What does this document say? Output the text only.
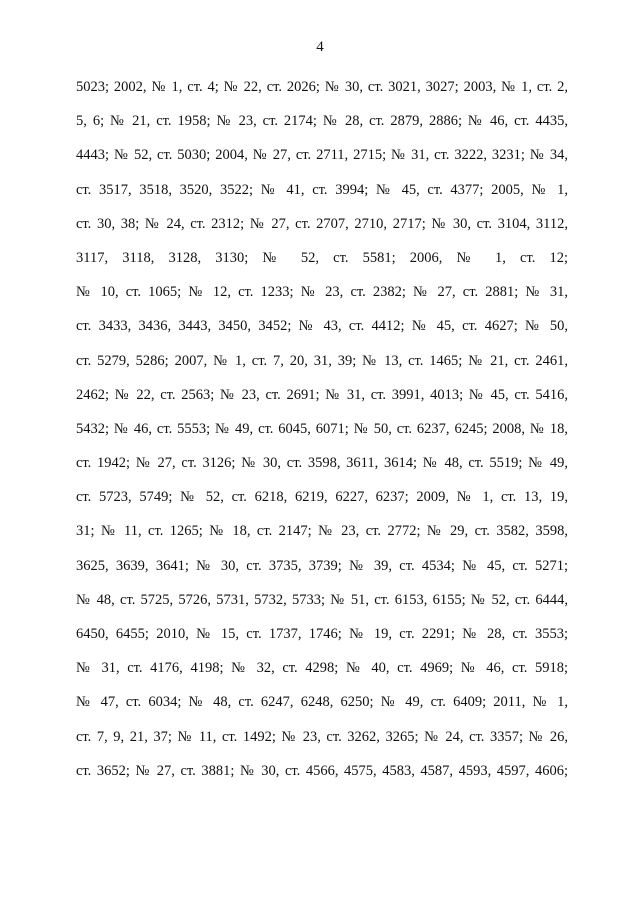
4
5023; 2002, № 1, ст. 4; № 22, ст. 2026; № 30, ст. 3021, 3027; 2003, № 1, ст. 2,
5, 6; № 21, ст. 1958; № 23, ст. 2174; № 28, ст. 2879, 2886; № 46, ст. 4435,
4443; № 52, ст. 5030; 2004, № 27, ст. 2711, 2715; № 31, ст. 3222, 3231; № 34,
ст. 3517, 3518, 3520, 3522; № 41, ст. 3994; № 45, ст. 4377; 2005, № 1,
ст. 30, 38; № 24, ст. 2312; № 27, ст. 2707, 2710, 2717; № 30, ст. 3104, 3112,
3117, 3118, 3128, 3130; № 52, ст. 5581; 2006, № 1, ст. 12;
№ 10, ст. 1065; № 12, ст. 1233; № 23, ст. 2382; № 27, ст. 2881; № 31,
ст. 3433, 3436, 3443, 3450, 3452; № 43, ст. 4412; № 45, ст. 4627; № 50,
ст. 5279, 5286; 2007, № 1, ст. 7, 20, 31, 39; № 13, ст. 1465; № 21, ст. 2461,
2462; № 22, ст. 2563; № 23, ст. 2691; № 31, ст. 3991, 4013; № 45, ст. 5416,
5432; № 46, ст. 5553; № 49, ст. 6045, 6071; № 50, ст. 6237, 6245; 2008, № 18,
ст. 1942; № 27, ст. 3126; № 30, ст. 3598, 3611, 3614; № 48, ст. 5519; № 49,
ст. 5723, 5749; № 52, ст. 6218, 6219, 6227, 6237; 2009, № 1, ст. 13, 19,
31; № 11, ст. 1265; № 18, ст. 2147; № 23, ст. 2772; № 29, ст. 3582, 3598,
3625, 3639, 3641; № 30, ст. 3735, 3739; № 39, ст. 4534; № 45, ст. 5271;
№ 48, ст. 5725, 5726, 5731, 5732, 5733; № 51, ст. 6153, 6155; № 52, ст. 6444,
6450, 6455; 2010, № 15, ст. 1737, 1746; № 19, ст. 2291; № 28, ст. 3553;
№ 31, ст. 4176, 4198; № 32, ст. 4298; № 40, ст. 4969; № 46, ст. 5918;
№ 47, ст. 6034; № 48, ст. 6247, 6248, 6250; № 49, ст. 6409; 2011, № 1,
ст. 7, 9, 21, 37; № 11, ст. 1492; № 23, ст. 3262, 3265; № 24, ст. 3357; № 26,
ст. 3652; № 27, ст. 3881; № 30, ст. 4566, 4575, 4583, 4587, 4593, 4597, 4606;
